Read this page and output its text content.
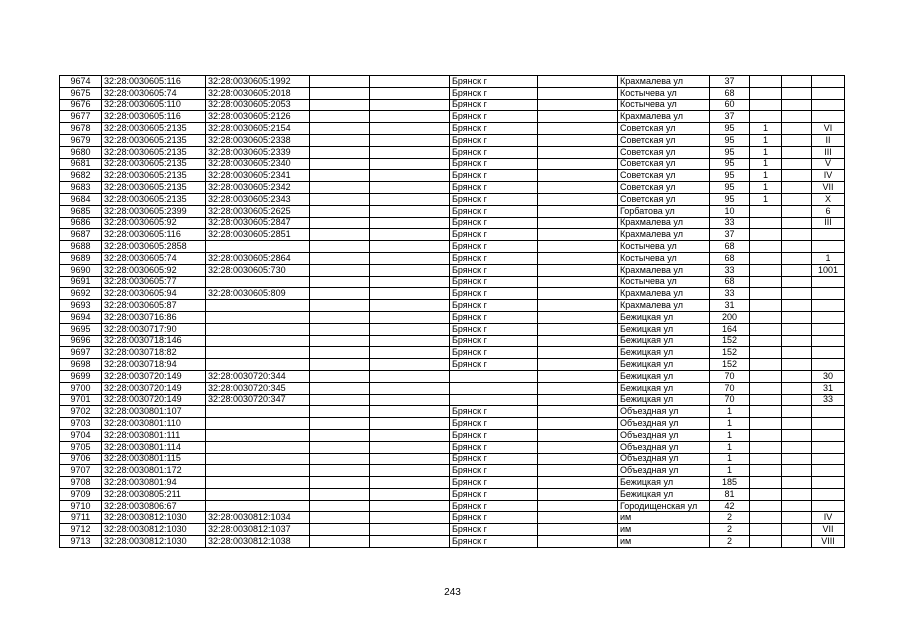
9674	32:28:0030605:116	32:28:0030605:1992			Брянск г		Крахмалева ул	37			
9675	32:28:0030605:74	32:28:0030605:2018			Брянск г		Костычева ул	68			
9676	32:28:0030605:110	32:28:0030605:2053			Брянск г		Костычева ул	60			
9677	32:28:0030605:116	32:28:0030605:2126			Брянск г		Крахмалева ул	37			
9678	32:28:0030605:2135	32:28:0030605:2154			Брянск г		Советская ул	95	1		VI
9679	32:28:0030605:2135	32:28:0030605:2338			Брянск г		Советская ул	95	1		II
9680	32:28:0030605:2135	32:28:0030605:2339			Брянск г		Советская ул	95	1		III
9681	32:28:0030605:2135	32:28:0030605:2340			Брянск г		Советская ул	95	1		V
9682	32:28:0030605:2135	32:28:0030605:2341			Брянск г		Советская ул	95	1		IV
9683	32:28:0030605:2135	32:28:0030605:2342			Брянск г		Советская ул	95	1		VII
9684	32:28:0030605:2135	32:28:0030605:2343			Брянск г		Советская ул	95	1		X
9685	32:28:0030605:2399	32:28:0030605:2625			Брянск г		Горбатова ул	10			6
9686	32:28:0030605:92	32:28:0030605:2847			Брянск г		Крахмалева ул	33			III
9687	32:28:0030605:116	32:28:0030605:2851			Брянск г		Крахмалева ул	37			
9688	32:28:0030605:2858				Брянск г		Костычева ул	68			
9689	32:28:0030605:74	32:28:0030605:2864			Брянск г		Костычева ул	68			1
9690	32:28:0030605:92	32:28:0030605:730			Брянск г		Крахмалева ул	33			1001
9691	32:28:0030605:77				Брянск г		Костычева ул	68			
9692	32:28:0030605:94	32:28:0030605:809			Брянск г		Крахмалева ул	33			
9693	32:28:0030605:87				Брянск г		Крахмалева ул	31			
9694	32:28:0030716:86				Брянск г		Бежицкая ул	200			
9695	32:28:0030717:90				Брянск г		Бежицкая ул	164			
9696	32:28:0030718:146				Брянск г		Бежицкая ул	152			
9697	32:28:0030718:82				Брянск г		Бежицкая ул	152			
9698	32:28:0030718:94				Брянск г		Бежицкая ул	152			
9699	32:28:0030720:149	32:28:0030720:344					Бежицкая ул	70			30
9700	32:28:0030720:149	32:28:0030720:345					Бежицкая ул	70			31
9701	32:28:0030720:149	32:28:0030720:347					Бежицкая ул	70			33
9702	32:28:0030801:107				Брянск г		Объездная ул	1			
9703	32:28:0030801:110				Брянск г		Объездная ул	1			
9704	32:28:0030801:111				Брянск г		Объездная ул	1			
9705	32:28:0030801:114				Брянск г		Объездная ул	1			
9706	32:28:0030801:115				Брянск г		Объездная ул	1			
9707	32:28:0030801:172				Брянск г		Объездная ул	1			
9708	32:28:0030801:94				Брянск г		Бежицкая ул	185			
9709	32:28:0030805:211				Брянск г		Бежицкая ул	81			
9710	32:28:0030806:67				Брянск г		Городищенская ул	42			
9711	32:28:0030812:1030	32:28:0030812:1034			Брянск г		им	2			IV
9712	32:28:0030812:1030	32:28:0030812:1037			Брянск г		им	2			VII
9713	32:28:0030812:1030	32:28:0030812:1038			Брянск г		им	2			VIII
243
